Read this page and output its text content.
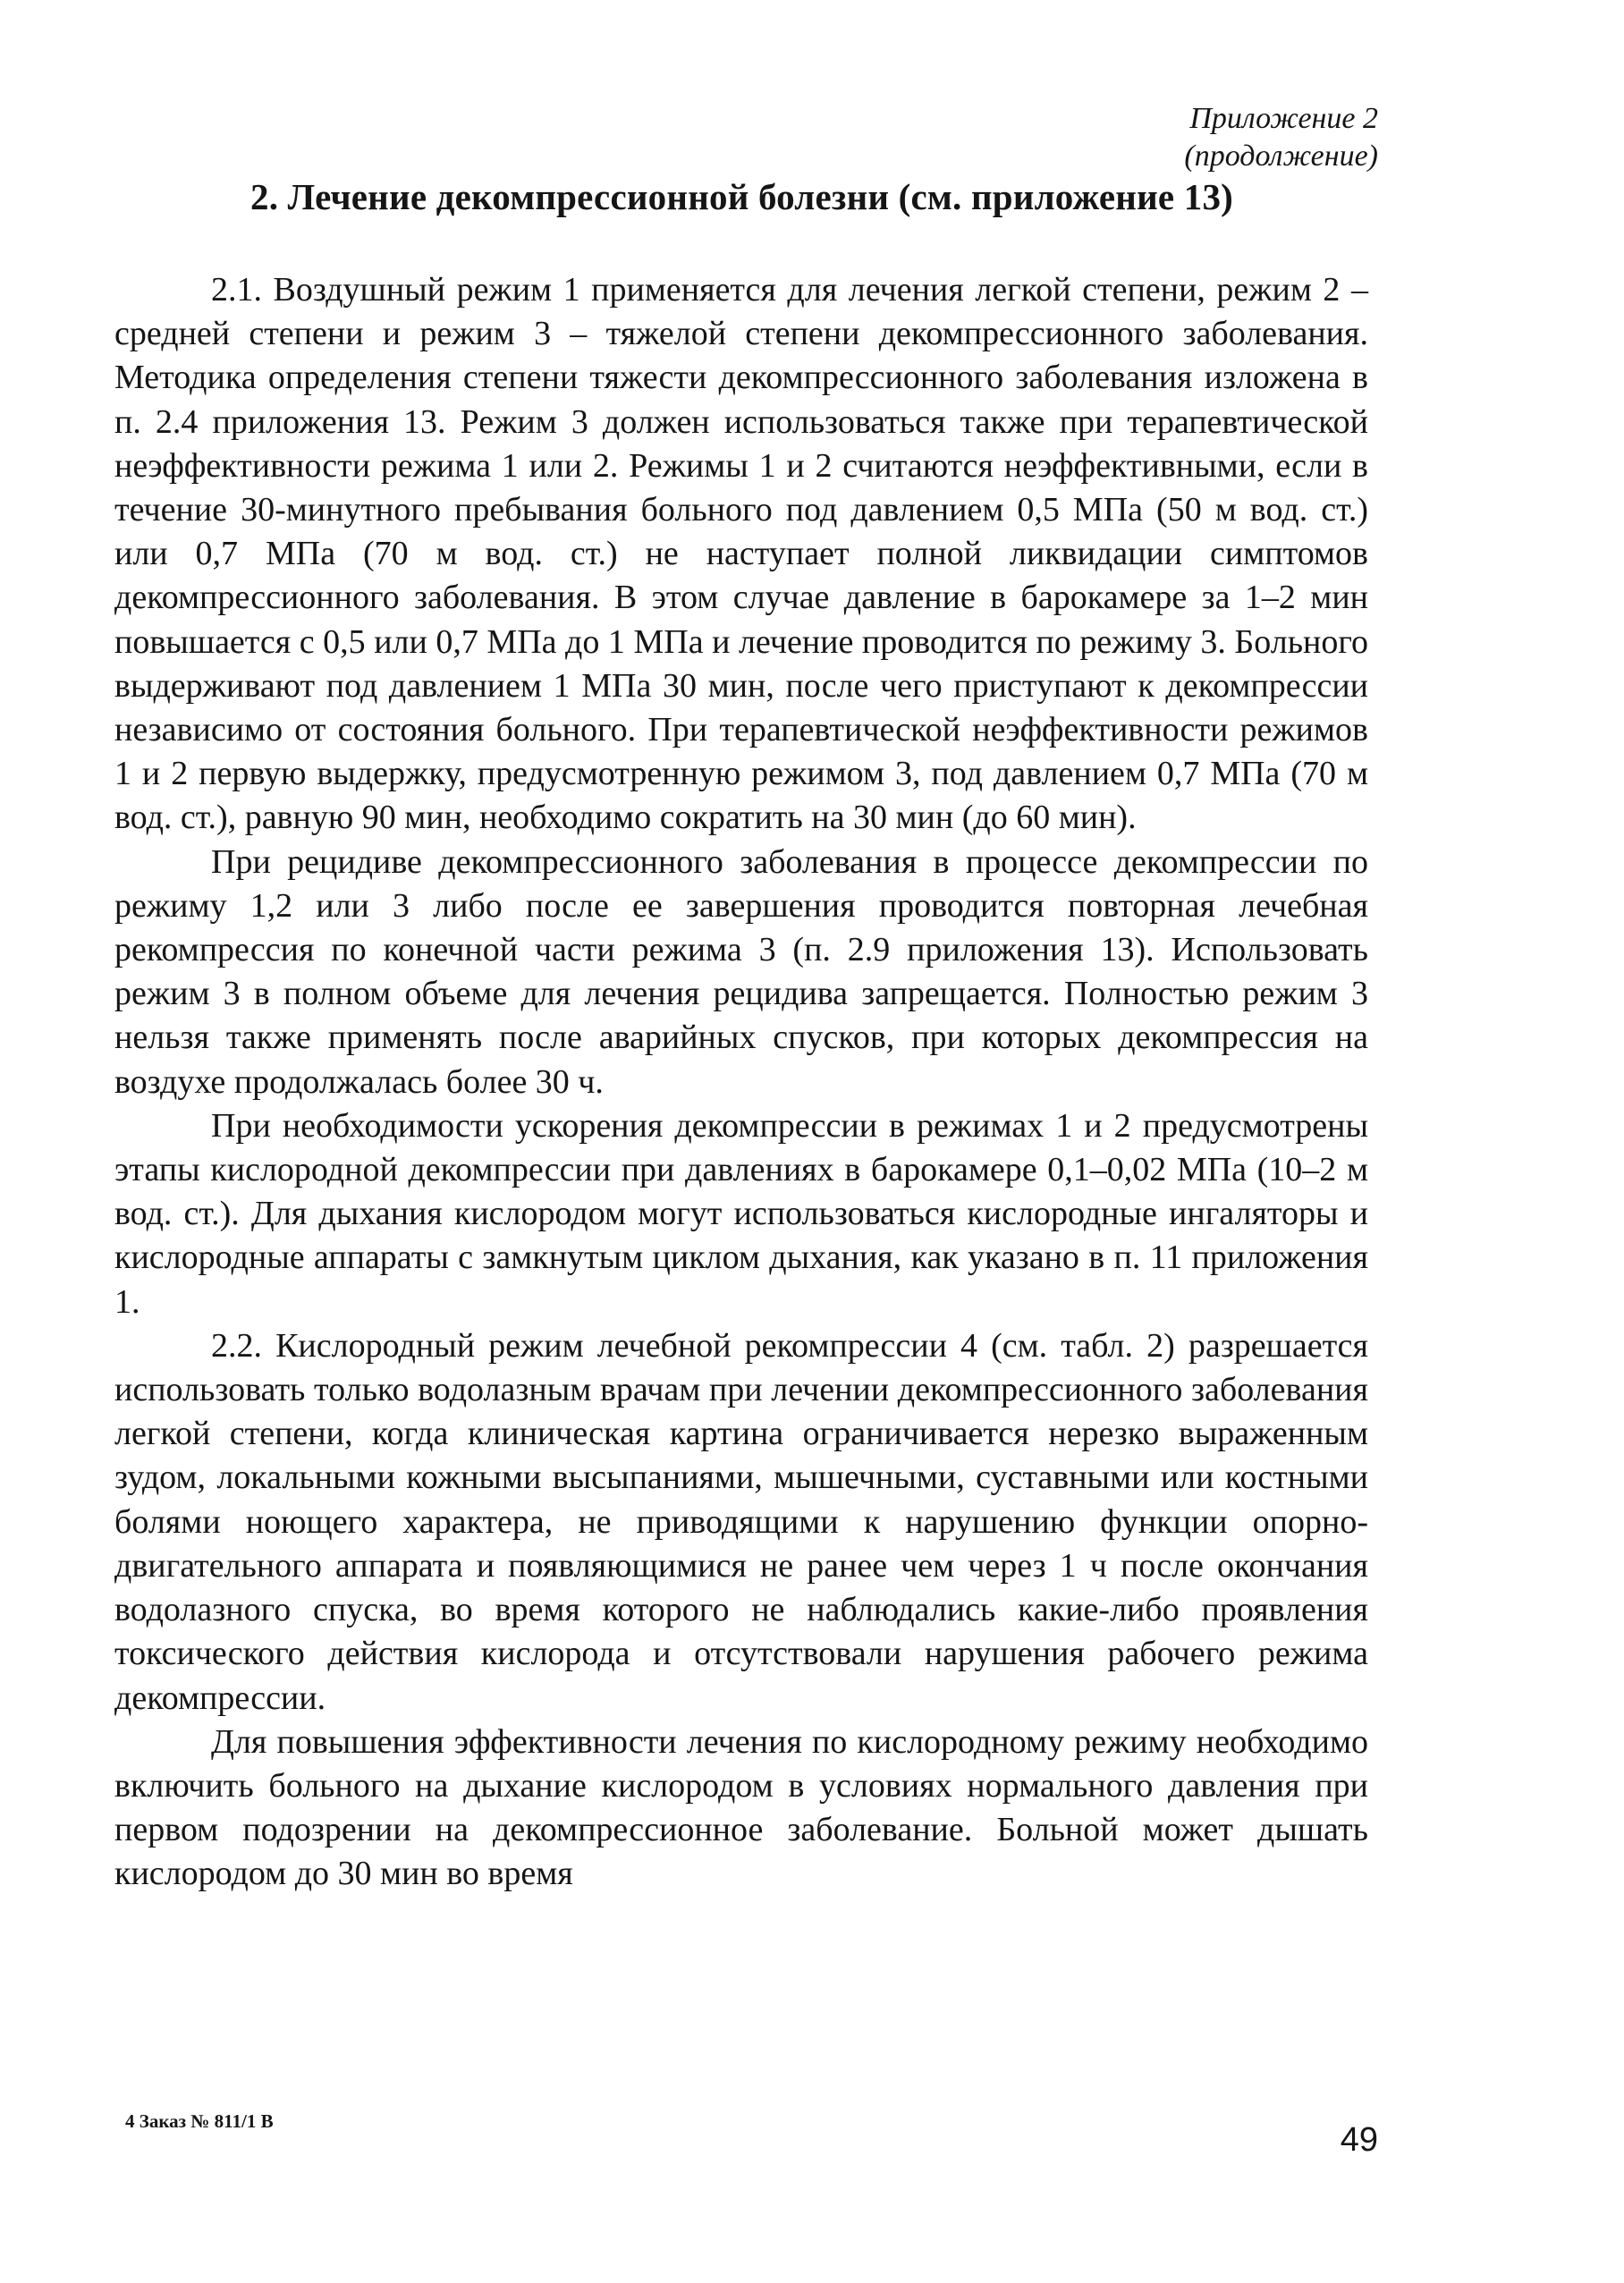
Приложение 2
(продолжение)
2. Лечение декомпрессионной болезни (см. приложение 13)

2.1. Воздушный режим 1 применяется для лечения легкой степени, режим 2 – средней степени и режим 3 – тяжелой степени декомпрессионного заболевания. Методика определения степени тяжести декомпрессионного заболевания изложена в п. 2.4 приложения 13. Режим 3 должен использоваться также при терапевтической неэффективности режима 1 или 2. Режимы 1 и 2 считаются неэффективными, если в течение 30-минутного пребывания больного под давлением 0,5 МПа (50 м вод. ст.) или 0,7 МПа (70 м вод. ст.) не наступает полной ликвидации симптомов декомпрессионного заболевания. В этом случае давление в барокамере за 1–2 мин повышается с 0,5 или 0,7 МПа до 1 МПа и лечение проводится по режиму 3. Больного выдерживают под давлением 1 МПа 30 мин, после чего приступают к декомпрессии независимо от состояния больного. При терапевтической неэффективности режимов 1 и 2 первую выдержку, предусмотренную режимом 3, под давлением 0,7 МПа (70 м вод. ст.), равную 90 мин, необходимо сократить на 30 мин (до 60 мин).

При рецидиве декомпрессионного заболевания в процессе декомпрессии по режиму 1,2 или 3 либо после ее завершения проводится повторная лечебная рекомпрессия по конечной части режима 3 (п. 2.9 приложения 13). Использовать режим 3 в полном объеме для лечения рецидива запрещается. Полностью режим 3 нельзя также применять после аварийных спусков, при которых декомпрессия на воздухе продолжалась более 30 ч.

При необходимости ускорения декомпрессии в режимах 1 и 2 предусмотрены этапы кислородной декомпрессии при давлениях в барокамере 0,1–0,02 МПа (10–2 м вод. ст.). Для дыхания кислородом могут использоваться кислородные ингаляторы и кислородные аппараты с замкнутым циклом дыхания, как указано в п. 11 приложения 1.

2.2. Кислородный режим лечебной рекомпрессии 4 (см. табл. 2) разрешается использовать только водолазным врачам при лечении декомпрессионного заболевания легкой степени, когда клиническая картина ограничивается нерезко выраженным зудом, локальными кожными высыпаниями, мышечными, суставными или костными болями ноющего характера, не приводящими к нарушению функции опорно-двигательного аппарата и появляющимися не ранее чем через 1 ч после окончания водолазного спуска, во время которого не наблюдались какие-либо проявления токсического действия кислорода и отсутствовали нарушения рабочего режима декомпрессии.

Для повышения эффективности лечения по кислородному режиму необходимо включить больного на дыхание кислородом в условиях нормального давления при первом подозрении на декомпрессионное заболевание. Больной может дышать кислородом до 30 мин во время

4 Заказ № 811/1 В	49
